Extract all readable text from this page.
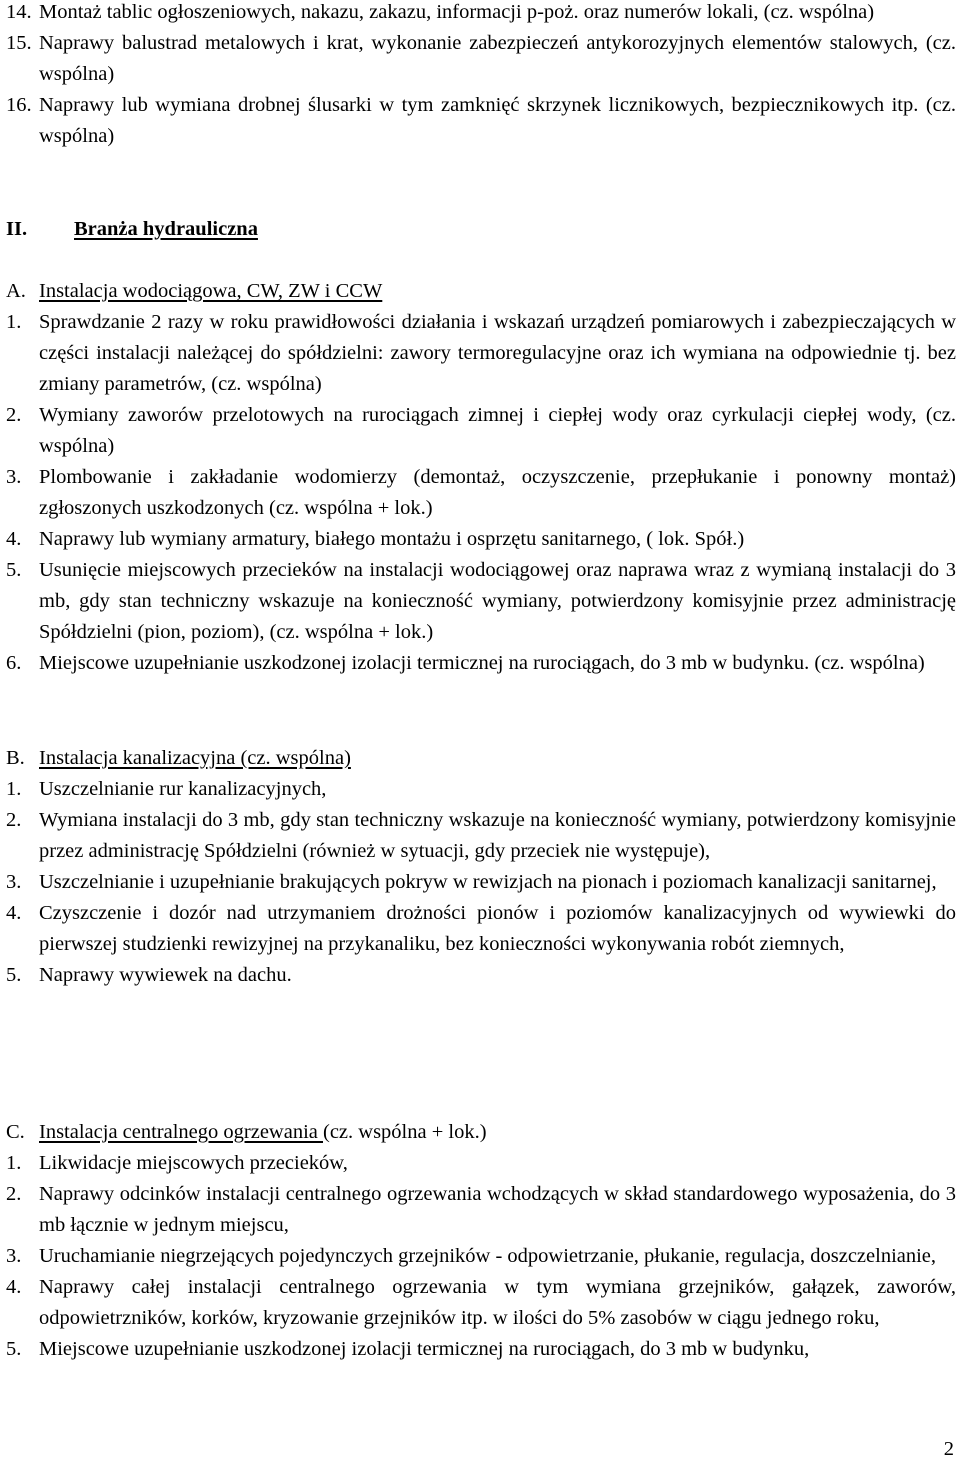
14. Montaż tablic ogłoszeniowych, nakazu, zakazu, informacji p-poż. oraz numerów lokali, (cz. wspólna)
15. Naprawy balustrad metalowych i krat, wykonanie zabezpieczeń antykorozyjnych elementów stalowych, (cz. wspólna)
16. Naprawy lub wymiana drobnej ślusarki w tym zamknięć skrzynek licznikowych, bezpiecznikowych itp. (cz. wspólna)
II. Branża hydrauliczna
A. Instalacja wodociągowa, CW, ZW i CCW
1. Sprawdzanie 2 razy w roku prawidłowości działania i wskazań urządzeń pomiarowych i zabezpieczających w części instalacji należącej do spółdzielni: zawory termoregulacyjne oraz ich wymiana na odpowiednie tj. bez zmiany parametrów, (cz. wspólna)
2. Wymiany zaworów przelotowych na rurociągach zimnej i ciepłej wody oraz cyrkulacji ciepłej wody, (cz. wspólna)
3. Plombowanie i zakładanie wodomierzy (demontaż, oczyszczenie, przepłukanie i ponowny montaż) zgłoszonych uszkodzonych (cz. wspólna + lok.)
4. Naprawy lub wymiany armatury, białego montażu i osprzętu sanitarnego, ( lok. Spół.)
5. Usunięcie miejscowych przecieków na instalacji wodociągowej oraz naprawa wraz z wymianą instalacji do 3 mb, gdy stan techniczny wskazuje na konieczność wymiany, potwierdzony komisyjnie przez administrację Spółdzielni (pion, poziom), (cz. wspólna + lok.)
6. Miejscowe uzupełnianie uszkodzonej izolacji termicznej na rurociągach, do 3 mb w budynku. (cz. wspólna)
B. Instalacja kanalizacyjna (cz. wspólna)
1. Uszczelnianie rur kanalizacyjnych,
2. Wymiana instalacji do 3 mb, gdy stan techniczny wskazuje na konieczność wymiany, potwierdzony komisyjnie przez administrację Spółdzielni (również w sytuacji, gdy przeciek nie występuje),
3. Uszczelnianie i uzupełnianie brakujących pokryw w rewizjach na pionach i poziomach kanalizacji sanitarnej,
4. Czyszczenie i dozór nad utrzymaniem drożności pionów i poziomów kanalizacyjnych od wywiewki do pierwszej studzienki rewizyjnej na przykanaliku, bez konieczności wykonywania robót ziemnych,
5. Naprawy wywiewek na dachu.
C. Instalacja centralnego ogrzewania (cz. wspólna + lok.)
1. Likwidacje miejscowych przecieków,
2. Naprawy odcinków instalacji centralnego ogrzewania wchodzących w skład standardowego wyposażenia, do 3 mb łącznie w jednym miejscu,
3. Uruchamianie niegrzejących pojedynczych grzejników - odpowietrzanie, płukanie, regulacja, doszczelnianie,
4. Naprawy całej instalacji centralnego ogrzewania w tym wymiana grzejników, gałązek, zaworów, odpowietrzników, korków, kryzowanie grzejników itp. w ilości do 5% zasobów w ciągu jednego roku,
5. Miejscowe uzupełnianie uszkodzonej izolacji termicznej na rurociągach, do 3 mb w budynku,
2
